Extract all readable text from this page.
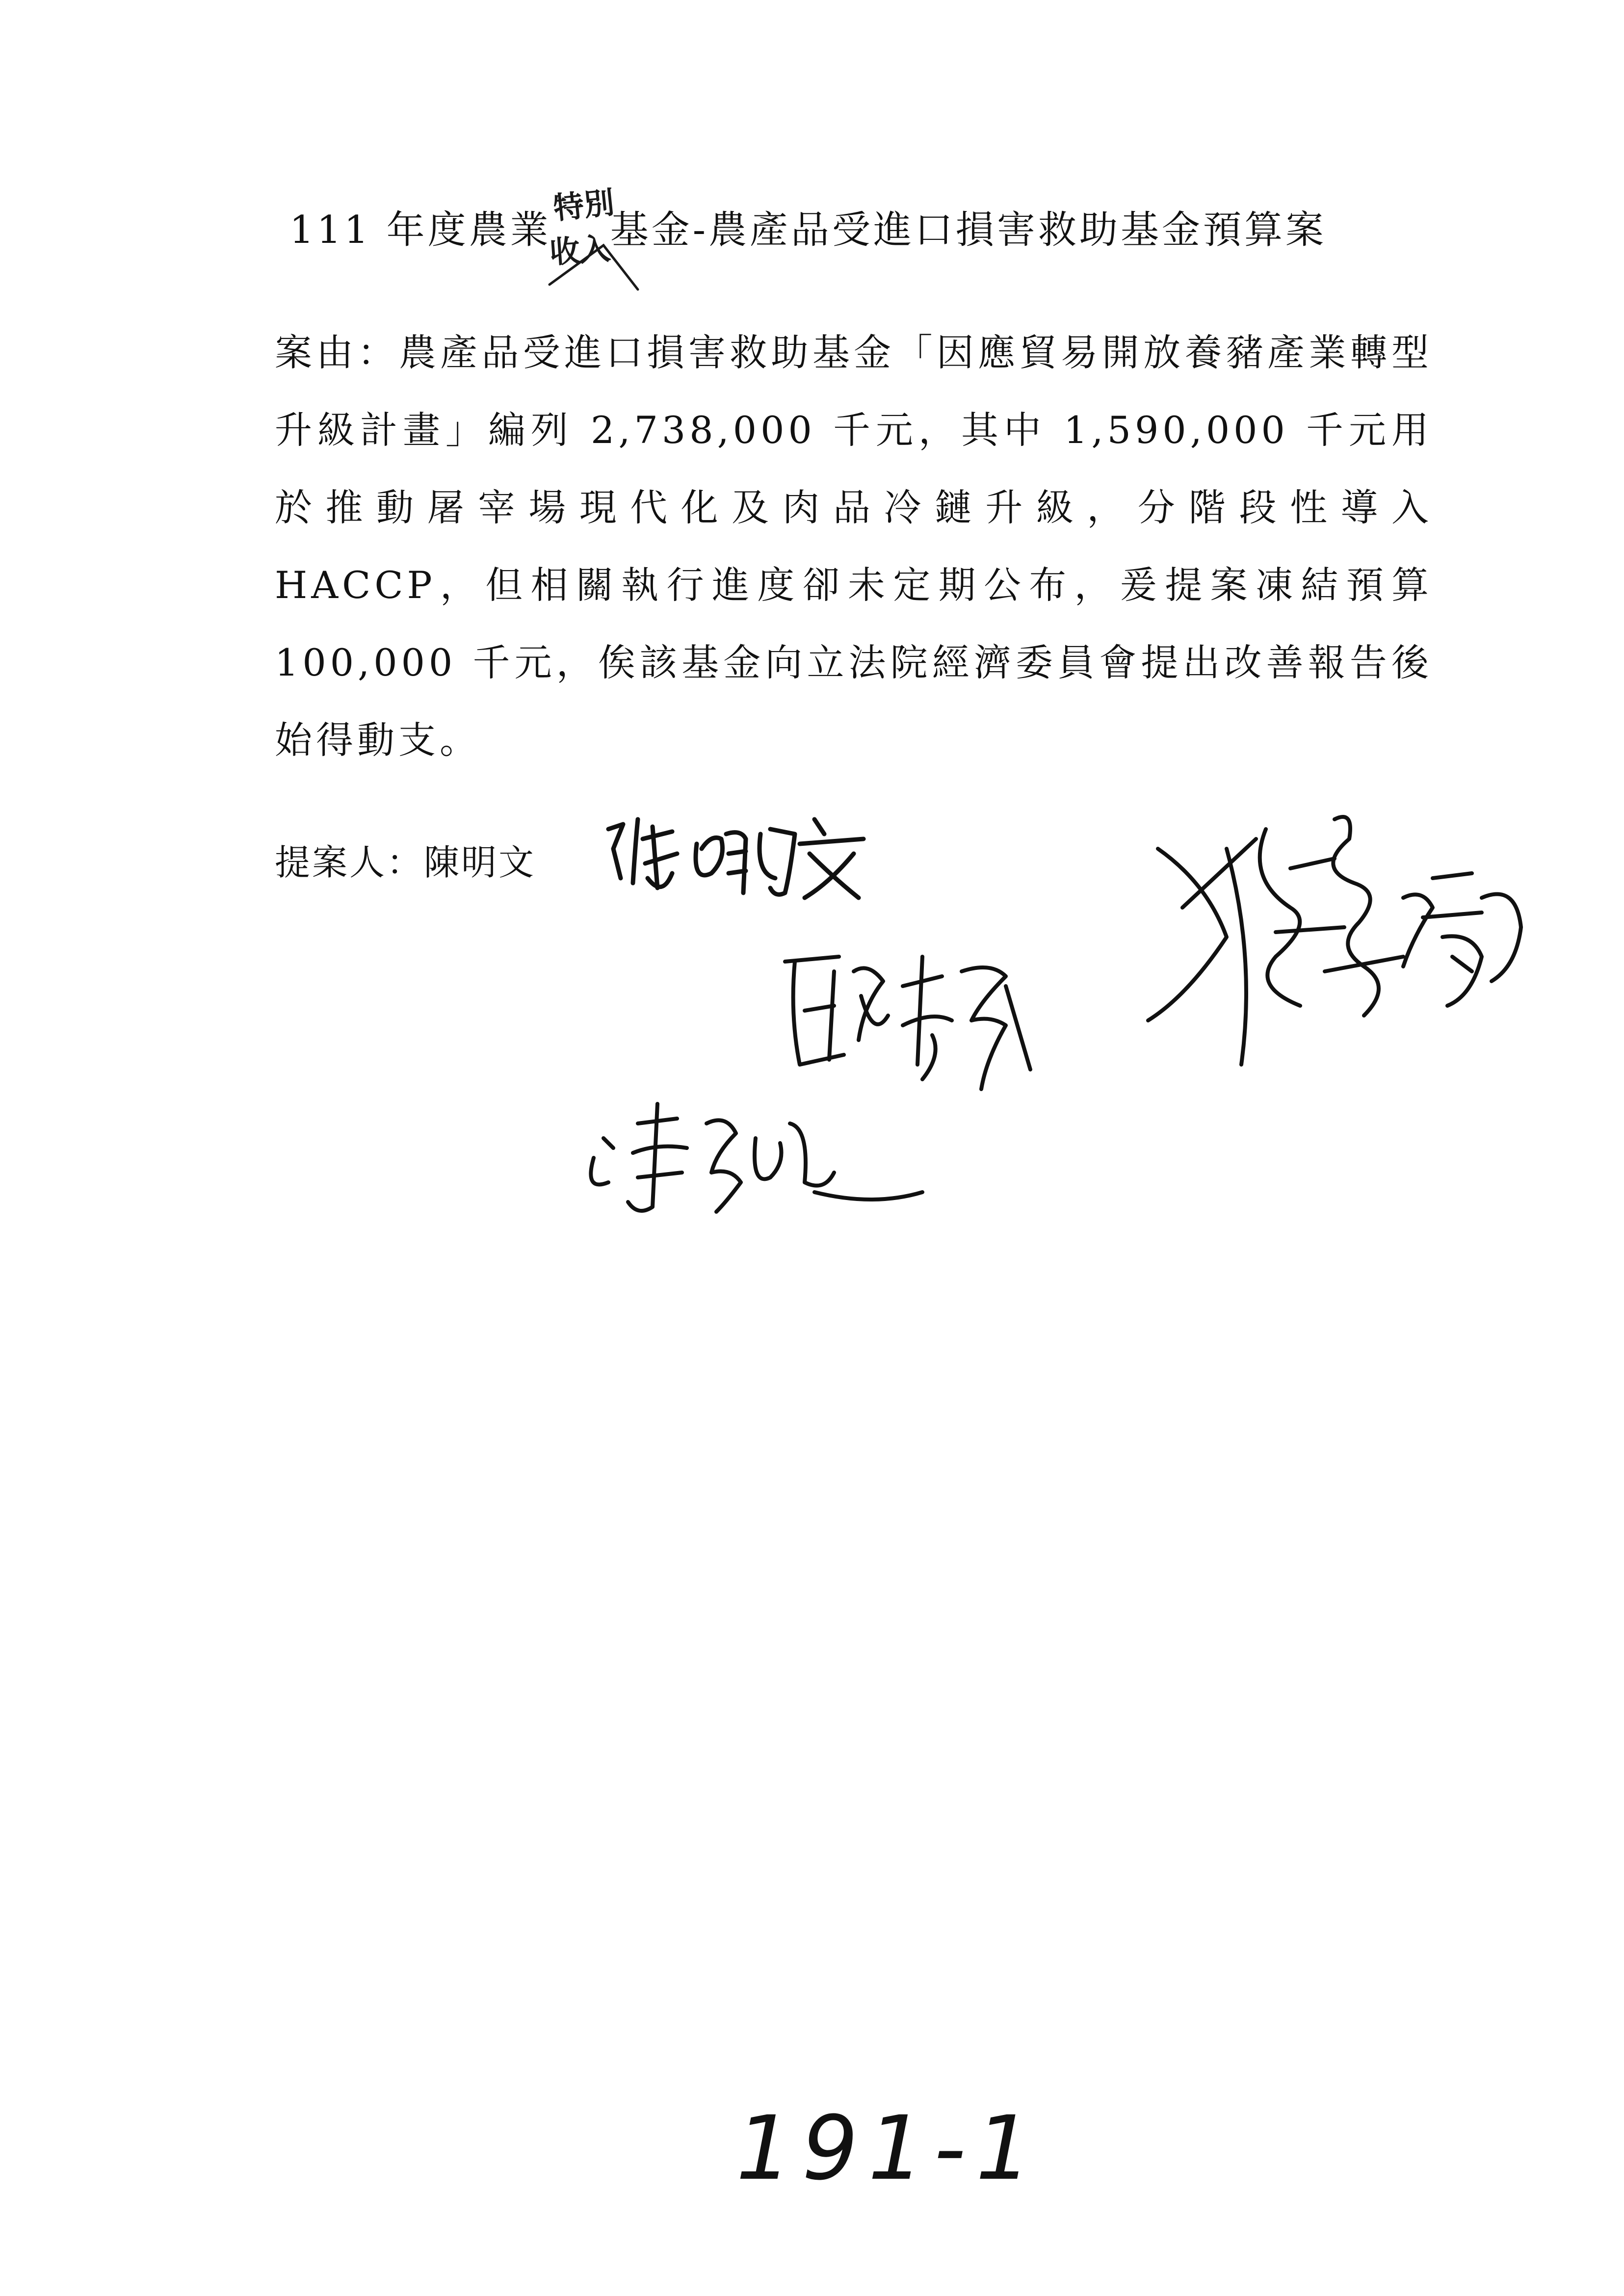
111 年度農業 基金-農產品受進口損害救助基金預算案
特別
收入

案由：農產品受進口損害救助基金「因應貿易開放養豬產業轉型升級計畫」編列 2,738,000 千元，其中 1,590,000 千元用於推動屠宰場現代化及肉品冷鏈升級，分階段性導入 HACCP，但相關執行進度卻未定期公布，爰提案凍結預算 100,000 千元，俟該基金向立法院經濟委員會提出改善報告後始得動支。

提案人：陳明文
191-1
